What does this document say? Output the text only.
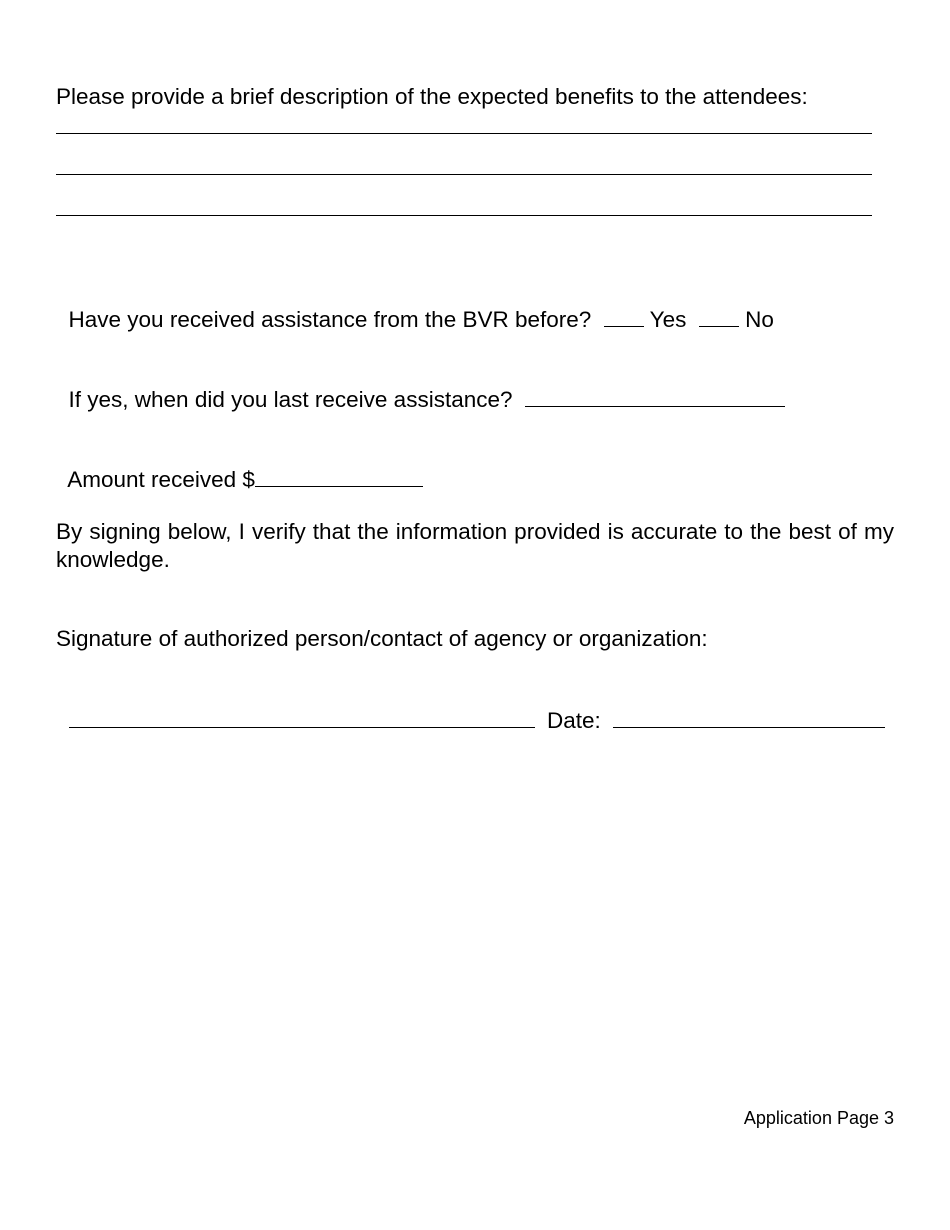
Please provide a brief description of the expected benefits to the attendees:

Have you received assistance from the BVR before?	Yes	No

If yes, when did you last receive assistance?

Amount received $

By signing below, I verify that the information provided is accurate to the best of my knowledge.
Signature of authorized person/contact of agency or organization:

Date:

Application Page 3
